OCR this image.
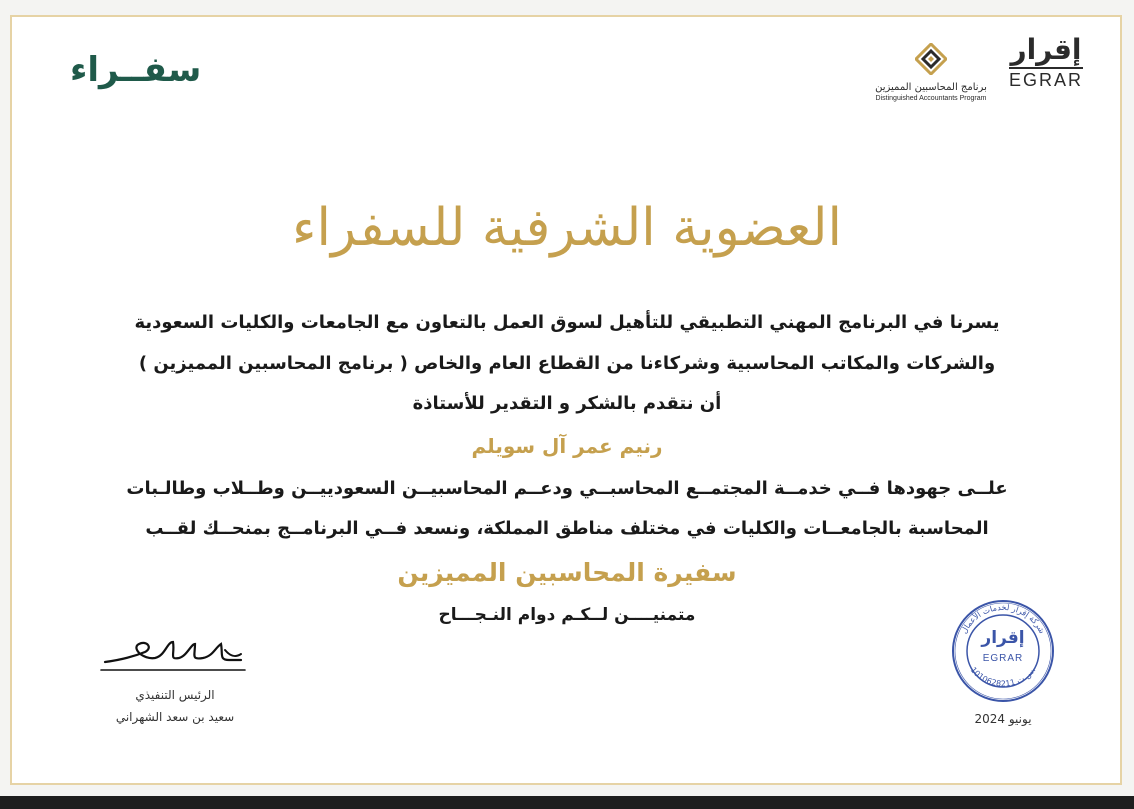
سفــراء
إقرار
EGRAR
برنامج المحاسبين المميزين
Distinguished Accountants Program
العضوية الشرفية للسفراء
يسرنا في البرنامج المهني التطبيقي للتأهيل لسوق العمل بالتعاون مع الجامعات والكليات السعودية
والشركات والمكاتب المحاسبية وشركاءنا من القطاع العام والخاص ( برنامج المحاسبين المميزين )
أن نتقدم بالشكر و التقدير للأستاذة
رنيم عمر آل سويلم
علــى جهودها فــي خدمــة المجتمــع المحاسبــي ودعــم المحاسبيــن السعودييــن وطــلاب وطالـبات
المحاسبة بالجامعــات والكليات في مختلف مناطق المملكة، ونسعد فــي البرنامــج بمنحــك لقــب
سفيرة المحاسبين المميزين
متمنيــــن لــكـم دوام النـجـــاح
الرئيس التنفيذي
سعيد بن سعد الشهراني
شركة إقرار لخدمات الأعمال
1010628211 س.ت.
إقرار
EGRAR
يونيو 2024
